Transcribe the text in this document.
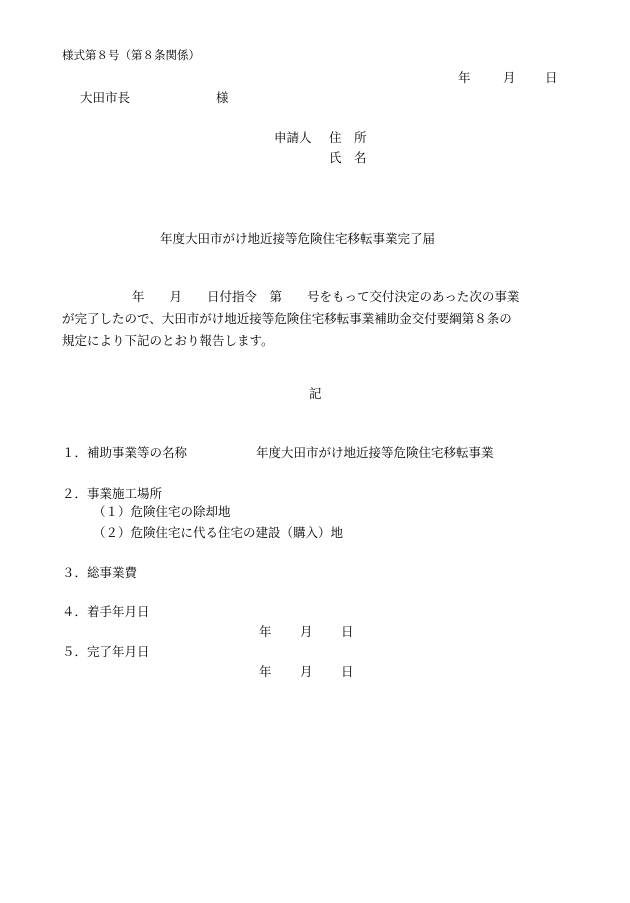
様式第８号（第８条関係）
年	月 日
大田市長	様
申請人 住　所
氏　名
年度大田市がけ地近接等危険住宅移転事業完了届
年　　月　　日付指令　第　　号をもって交付決定のあった次の事業
が完了したので、大田市がけ地近接等危険住宅移転事業補助金交付要綱第８条の
規定により下記のとおり報告します。
記
１．補助事業等の名称	年度大田市がけ地近接等危険住宅移転事業
２．事業施工場所
（１）危険住宅の除却地
（２）危険住宅に代る住宅の建設（購入）地
３．総事業費
４．着手年月日
年 月 日
５．完了年月日
年 月 日
